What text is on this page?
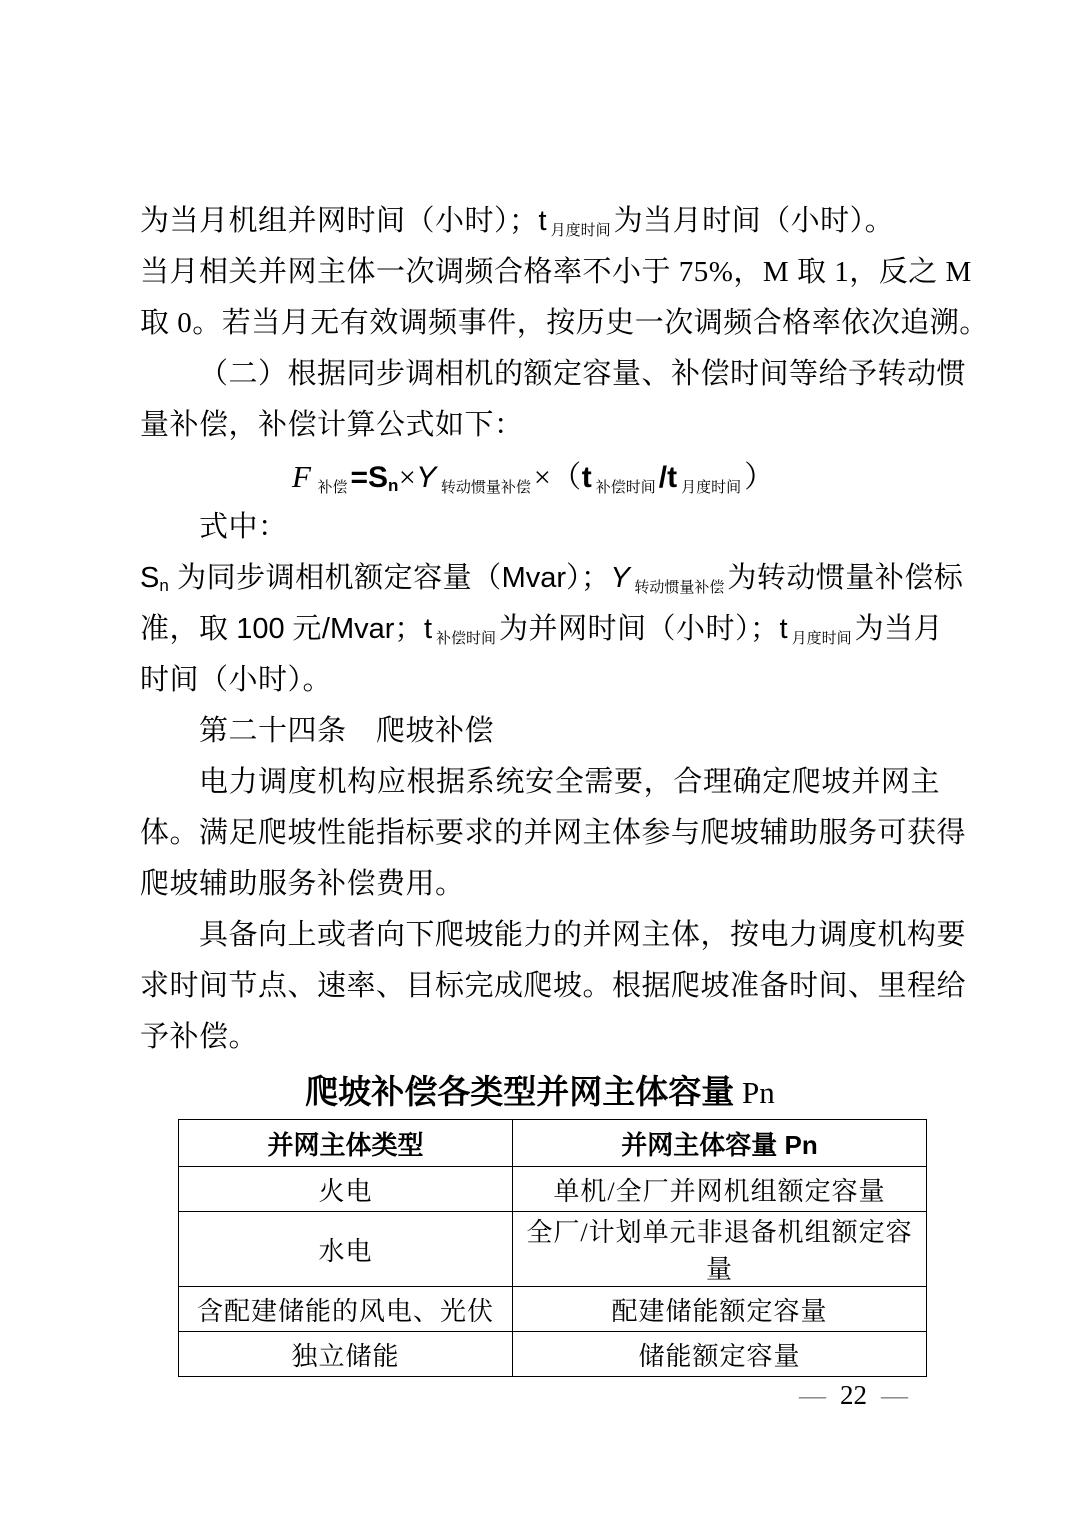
为当月机组并网时间（小时）；t $_{月度时间}$ 为当月时间（小时）。
当月相关并网主体一次调频合格率不小于 75%，M 取 1，反之 M
取 0。若当月无有效调频事件，按历史一次调频合格率依次追溯。
（二）根据同步调相机的额定容量、补偿时间等给予转动惯
量补偿，补偿计算公式如下：
F $_{补偿}$ =Sn×Y $_{转动惯量补偿}$ ×（t $_{补偿时间}$ /t $_{月度时间}$ ）
式中：
Sn 为同步调相机额定容量（Mvar）；Y $_{转动惯量补偿}$ 为转动惯量补偿标
准，取 100 元/Mvar；t $_{补偿时间}$ 为并网时间（小时）；t $_{月度时间}$ 为当月
时间（小时）。
第二十四条　爬坡补偿
电力调度机构应根据系统安全需要，合理确定爬坡并网主
体。满足爬坡性能指标要求的并网主体参与爬坡辅助服务可获得
爬坡辅助服务补偿费用。
具备向上或者向下爬坡能力的并网主体，按电力调度机构要
求时间节点、速率、目标完成爬坡。根据爬坡准备时间、里程给
予补偿。
爬坡补偿各类型并网主体容量 Pn
并网主体类型	并网主体容量 Pn
火电	单机/全厂并网机组额定容量
水电	全厂/计划单元非退备机组额定容量
含配建储能的风电、光伏	配建储能额定容量
独立储能	储能额定容量
— 22 —
